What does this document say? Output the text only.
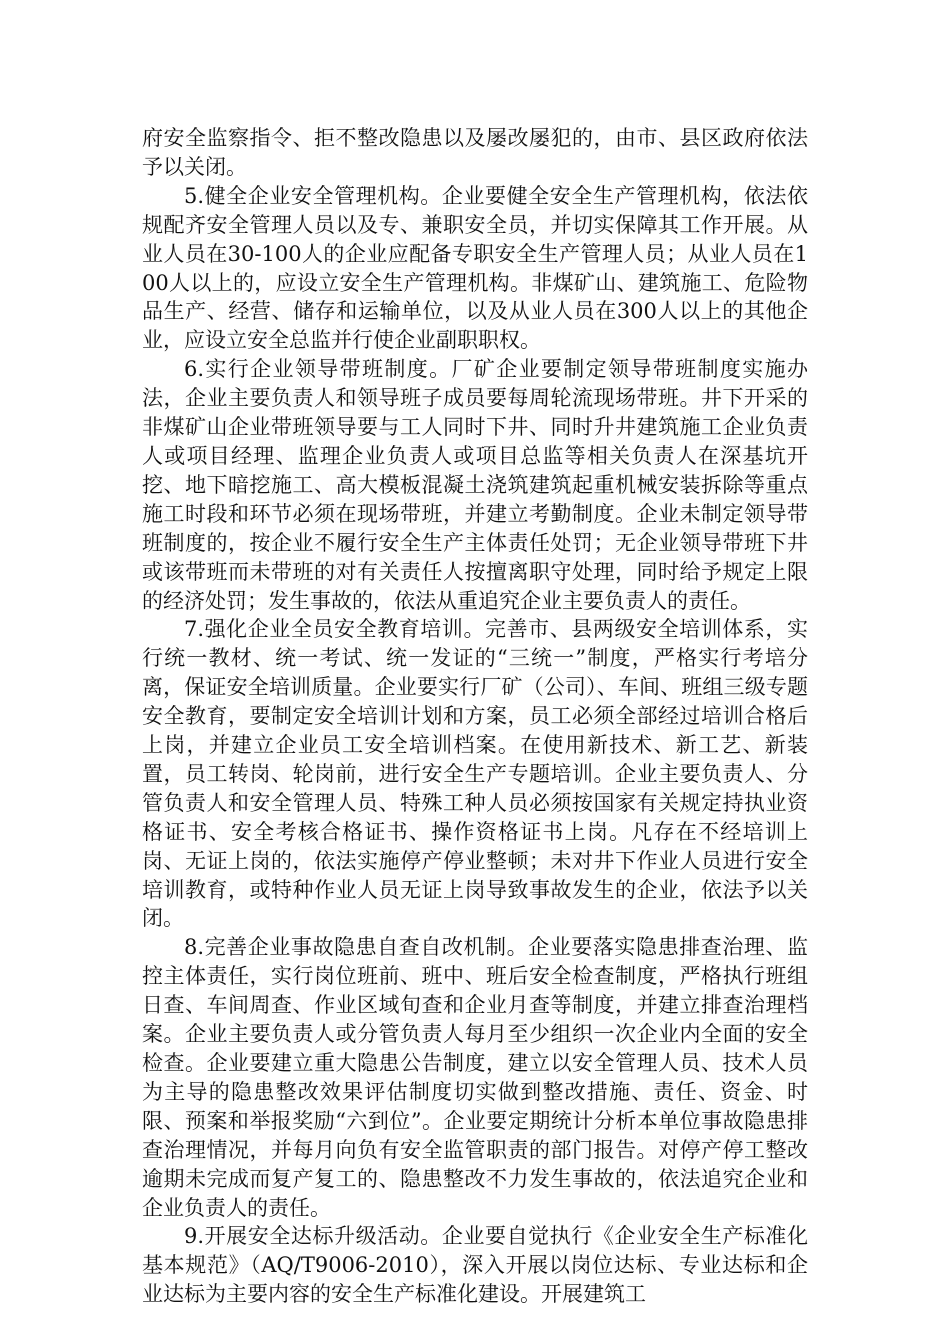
府安全监察指令、拒不整改隐患以及屡改屡犯的，由市、县区政府依法予以关闭。

5.健全企业安全管理机构。企业要健全安全生产管理机构，依法依规配齐安全管理人员以及专、兼职安全员，并切实保障其工作开展。从业人员在30-100人的企业应配备专职安全生产管理人员；从业人员在100人以上的，应设立安全生产管理机构。非煤矿山、建筑施工、危险物品生产、经营、储存和运输单位，以及从业人员在300人以上的其他企业，应设立安全总监并行使企业副职职权。

6.实行企业领导带班制度。厂矿企业要制定领导带班制度实施办法，企业主要负责人和领导班子成员要每周轮流现场带班。井下开采的非煤矿山企业带班领导要与工人同时下井、同时升井建筑施工企业负责人或项目经理、监理企业负责人或项目总监等相关负责人在深基坑开挖、地下暗挖施工、高大模板混凝土浇筑建筑起重机械安装拆除等重点施工时段和环节必须在现场带班，并建立考勤制度。企业未制定领导带班制度的，按企业不履行安全生产主体责任处罚；无企业领导带班下井或该带班而未带班的对有关责任人按擅离职守处理，同时给予规定上限的经济处罚；发生事故的，依法从重追究企业主要负责人的责任。

7.强化企业全员安全教育培训。完善市、县两级安全培训体系，实行统一教材、统一考试、统一发证的“三统一”制度，严格实行考培分离，保证安全培训质量。企业要实行厂矿（公司）、车间、班组三级专题安全教育，要制定安全培训计划和方案，员工必须全部经过培训合格后上岗，并建立企业员工安全培训档案。在使用新技术、新工艺、新装置，员工转岗、轮岗前，进行安全生产专题培训。企业主要负责人、分管负责人和安全管理人员、特殊工种人员必须按国家有关规定持执业资格证书、安全考核合格证书、操作资格证书上岗。凡存在不经培训上岗、无证上岗的，依法实施停产停业整顿；未对井下作业人员进行安全培训教育，或特种作业人员无证上岗导致事故发生的企业，依法予以关闭。

8.完善企业事故隐患自查自改机制。企业要落实隐患排查治理、监控主体责任，实行岗位班前、班中、班后安全检查制度，严格执行班组日查、车间周查、作业区域旬查和企业月查等制度，并建立排查治理档案。企业主要负责人或分管负责人每月至少组织一次企业内全面的安全检查。企业要建立重大隐患公告制度，建立以安全管理人员、技术人员为主导的隐患整改效果评估制度切实做到整改措施、责任、资金、时限、预案和举报奖励“六到位”。企业要定期统计分析本单位事故隐患排查治理情况，并每月向负有安全监管职责的部门报告。对停产停工整改逾期未完成而复产复工的、隐患整改不力发生事故的，依法追究企业和企业负责人的责任。

9.开展安全达标升级活动。企业要自觉执行《企业安全生产标准化基本规范》（AQ/T9006-2010），深入开展以岗位达标、专业达标和企业达标为主要内容的安全生产标准化建设。开展建筑工
